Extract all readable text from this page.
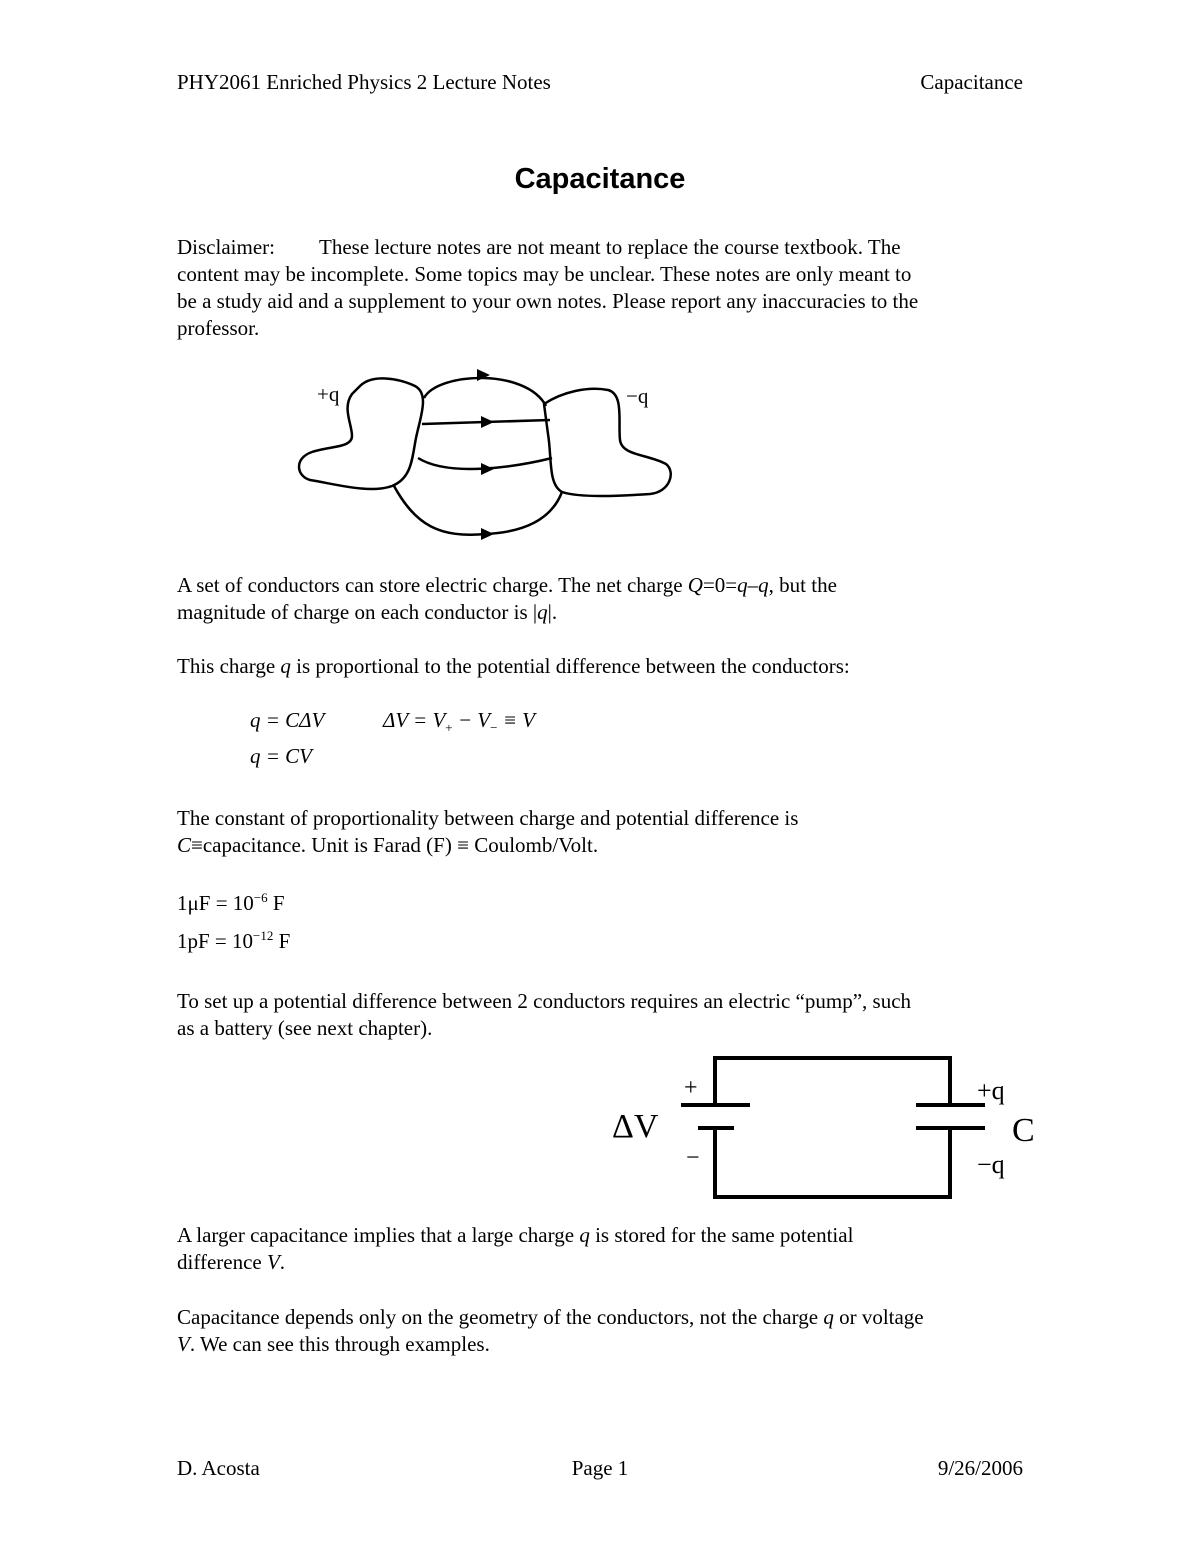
PHY2061 Enriched Physics 2 Lecture Notes	Capacitance
Capacitance
Disclaimer: These lecture notes are not meant to replace the course textbook. The
content may be incomplete. Some topics may be unclear. These notes are only meant to
be a study aid and a supplement to your own notes. Please report any inaccuracies to the
professor.
+q	−q
A set of conductors can store electric charge. The net charge Q=0=q–q, but the
magnitude of charge on each conductor is |q|.
This charge q is proportional to the potential difference between the conductors:
q = CΔV	$\Delta V = V_+ - V_- \equiv V$
q = CV
The constant of proportionality between charge and potential difference is
C≡capacitance. Unit is Farad (F) ≡ Coulomb/Volt.
$1\mu F = 10^{-6}$ F
$1pF = 10^{-12}$ F
To set up a potential difference between 2 conductors requires an electric “pump”, such
as a battery (see next chapter).
+
−
ΔV
+q
−q
C
A larger capacitance implies that a large charge q is stored for the same potential
difference V.
Capacitance depends only on the geometry of the conductors, not the charge q or voltage
V. We can see this through examples.
D. Acosta	Page 1	9/26/2006
